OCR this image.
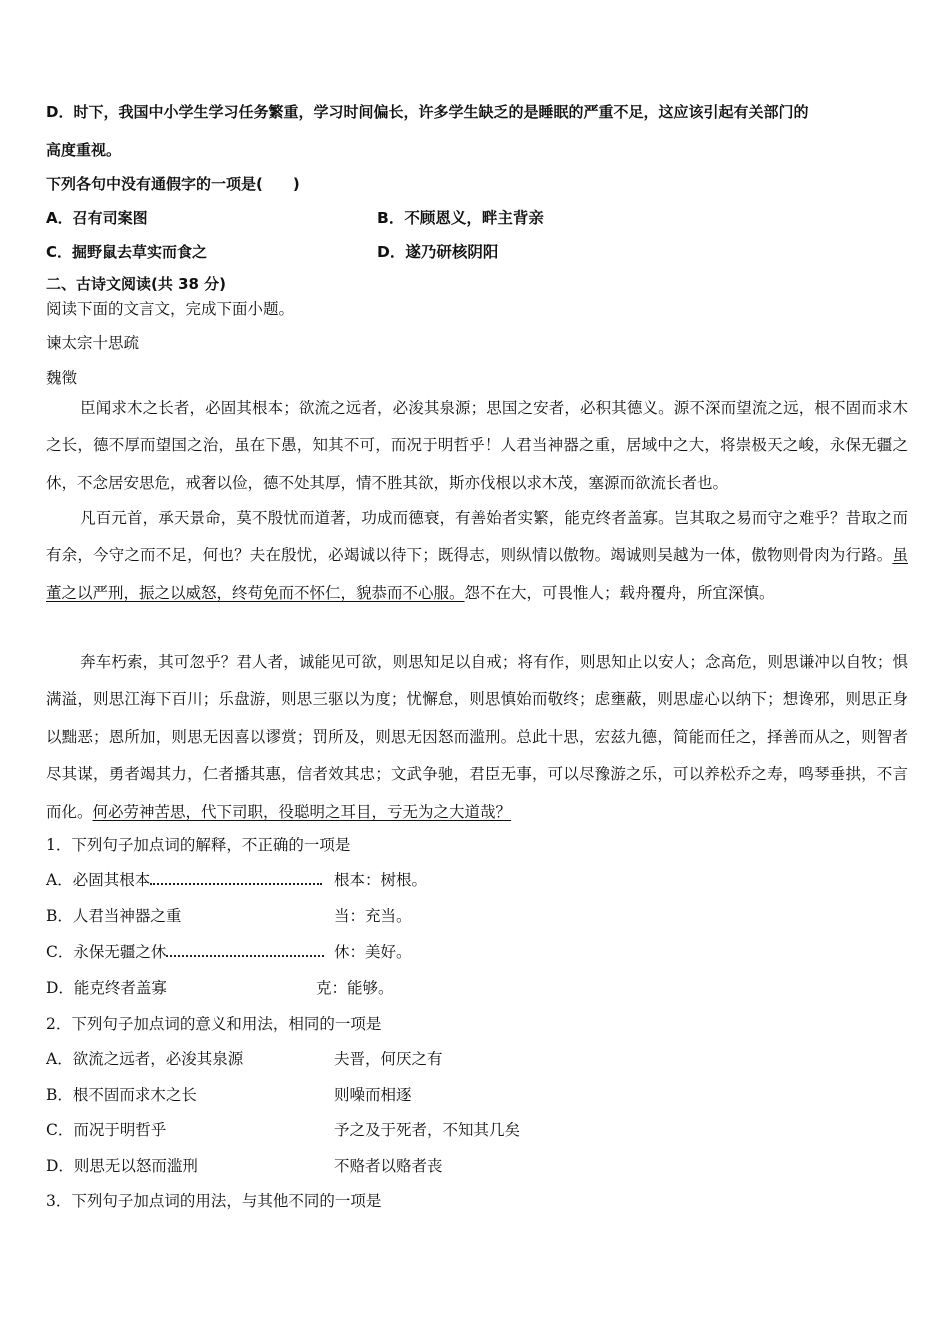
D．时下，我国中小学生学习任务繁重，学习时间偏长，许多学生缺乏的是睡眠的严重不足，这应该引起有关部门的
高度重视。
下列各句中没有通假字的一项是(　　)
A．召有司案图	B．不顾恩义，畔主背亲
C．掘野鼠去草实而食之	D．遂乃研核阴阳
二、古诗文阅读(共 38 分)
阅读下面的文言文，完成下面小题。
谏太宗十思疏
魏徵
臣闻求木之长者，必固其根本；欲流之远者，必浚其泉源；思国之安者，必积其德义。源不深而望流之远，根不固而求木之长，德不厚而望国之治，虽在下愚，知其不可，而况于明哲乎！人君当神器之重，居域中之大，将崇极天之峻，永保无疆之休，不念居安思危，戒奢以俭，德不处其厚，情不胜其欲，斯亦伐根以求木茂，塞源而欲流长者也。
凡百元首，承天景命，莫不殷忧而道著，功成而德衰，有善始者实繁，能克终者盖寡。岂其取之易而守之难乎？昔取之而有余，今守之而不足，何也？夫在殷忧，必竭诚以待下；既得志，则纵情以傲物。竭诚则吴越为一体，傲物则骨肉为行路。虽董之以严刑，振之以威怒，终苟免而不怀仁，貌恭而不心服。怨不在大，可畏惟人；载舟覆舟，所宜深慎。
奔车朽索，其可忽乎？君人者，诚能见可欲，则思知足以自戒；将有作，则思知止以安人；念高危，则思谦冲以自牧；惧满溢，则思江海下百川；乐盘游，则思三驱以为度；忧懈怠，则思慎始而敬终；虑壅蔽，则思虚心以纳下；想谗邪，则思正身以黜恶；恩所加，则思无因喜以谬赏；罚所及，则思无因怒而滥刑。总此十思，宏兹九德，简能而任之，择善而从之，则智者尽其谋，勇者竭其力，仁者播其惠，信者效其忠；文武争驰，君臣无事，可以尽豫游之乐，可以养松乔之寿，鸣琴垂拱，不言而化。何必劳神苦思，代下司职，役聪明之耳目，亏无为之大道哉？
1．下列句子加点词的解释，不正确的一项是
A．必固其根本	根本：树根。
B．人君当神器之重	当：充当。
C．永保无疆之休	休：美好。
D．能克终者盖寡	克：能够。
2．下列句子加点词的意义和用法，相同的一项是
A．欲流之远者，必浚其泉源	夫晋，何厌之有
B．根不固而求木之长	则噪而相逐
C．而况于明哲乎	予之及于死者，不知其几矣
D．则思无以怒而滥刑	不赂者以赂者丧
3．下列句子加点词的用法，与其他不同的一项是
